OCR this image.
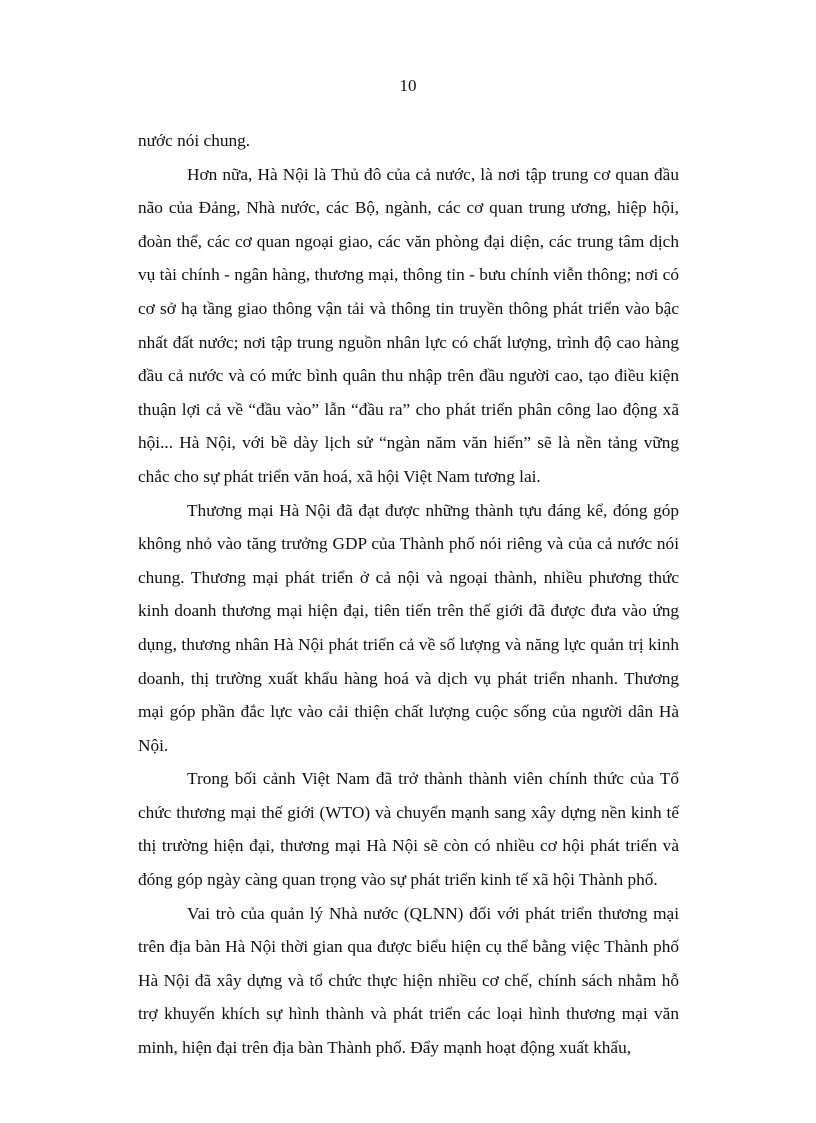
10

nước nói chung.

Hơn nữa, Hà Nội là Thủ đô của cả nước, là nơi tập trung cơ quan đầu não của Đảng, Nhà nước, các Bộ, ngành, các cơ quan trung ương, hiệp hội, đoàn thể, các cơ quan ngoại giao, các văn phòng đại diện, các trung tâm dịch vụ tài chính - ngân hàng, thương mại, thông tin - bưu chính viễn thông; nơi có cơ sở hạ tầng giao thông vận tải và thông tin truyền thông phát triển vào bậc nhất đất nước; nơi tập trung nguồn nhân lực có chất lượng, trình độ cao hàng đầu cả nước và có mức bình quân thu nhập trên đầu người cao, tạo điều kiện thuận lợi cả về “đầu vào” lẫn “đầu ra” cho phát triển phân công lao động xã hội... Hà Nội, với bề dày lịch sử “ngàn năm văn hiến” sẽ là nền tảng vững chắc cho sự phát triển văn hoá, xã hội Việt Nam tương lai.

Thương mại Hà Nội đã đạt được những thành tựu đáng kể, đóng góp không nhỏ vào tăng trưởng GDP của Thành phố nói riêng và của cả nước nói chung. Thương mại phát triển ở cả nội và ngoại thành, nhiều phương thức kinh doanh thương mại hiện đại, tiên tiến trên thế giới đã được đưa vào ứng dụng, thương nhân Hà Nội phát triển cả về số lượng và năng lực quản trị kinh doanh, thị trường xuất khẩu hàng hoá và dịch vụ phát triển nhanh. Thương mại góp phần đắc lực vào cải thiện chất lượng cuộc sống của người dân Hà Nội.

Trong bối cảnh Việt Nam đã trở thành thành viên chính thức của Tổ chức thương mại thế giới (WTO) và chuyển mạnh sang xây dựng nền kinh tế thị trường hiện đại, thương mại Hà Nội sẽ còn có nhiều cơ hội phát triển và đóng góp ngày càng quan trọng vào sự phát triển kinh tế xã hội Thành phố.

Vai trò của quản lý Nhà nước (QLNN) đối với phát triển thương mại trên địa bàn Hà Nội thời gian qua được biểu hiện cụ thể bằng việc Thành phố Hà Nội đã xây dựng và tổ chức thực hiện nhiều cơ chế, chính sách nhằm hỗ trợ khuyến khích sự hình thành và phát triển các loại hình thương mại văn minh, hiện đại trên địa bàn Thành phố. Đẩy mạnh hoạt động xuất khẩu,
